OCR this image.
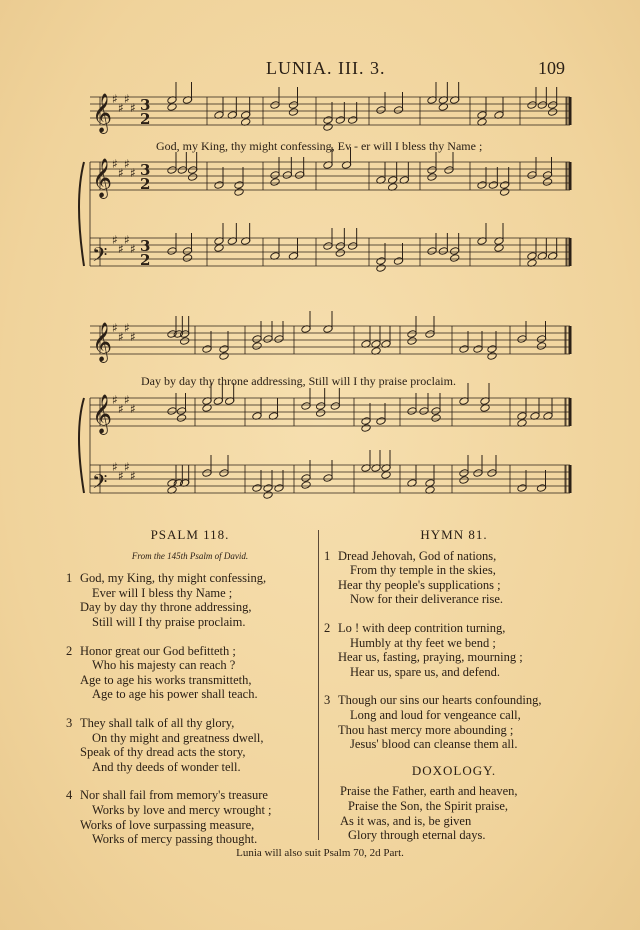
LUNIA. III. 3.	109
𝄞 ♯
♯
♯
♯ 3
2
𝄞 ♯
♯
♯
♯ 3
2
𝄢
♯
♯
♯
♯ 3
2
𝄞 ♯
♯
♯
♯
𝄞 ♯
♯
♯
♯
𝄢
♯
♯
♯
♯
God, my King, thy might confessing, Ev - er will I bless thy Name ;
Day by day thy throne addressing, Still will I thy praise proclaim.
PSALM 118.
From the 145th Psalm of David.
1 God, my King, thy might confessing,
Ever will I bless thy Name ;
Day by day thy throne addressing,
Still will I thy praise proclaim.
2 Honor great our God befitteth ;
Who his majesty can reach ?
Age to age his works transmitteth,
Age to age his power shall teach.
3 They shall talk of all thy glory,
On thy might and greatness dwell,
Speak of thy dread acts the story,
And thy deeds of wonder tell.
4 Nor shall fail from memory's treasure
Works by love and mercy wrought ;
Works of love surpassing measure,
Works of mercy passing thought.
HYMN 81.
1 Dread Jehovah, God of nations,
From thy temple in the skies,
Hear thy people's supplications ;
Now for their deliverance rise.
2 Lo ! with deep contrition turning,
Humbly at thy feet we bend ;
Hear us, fasting, praying, mourning ;
Hear us, spare us, and defend.
3 Though our sins our hearts confounding,
Long and loud for vengeance call,
Thou hast mercy more abounding ;
Jesus' blood can cleanse them all.
DOXOLOGY.
Praise the Father, earth and heaven,
Praise the Son, the Spirit praise,
As it was, and is, be given
Glory through eternal days.
Lunia will also suit Psalm 70, 2d Part.
